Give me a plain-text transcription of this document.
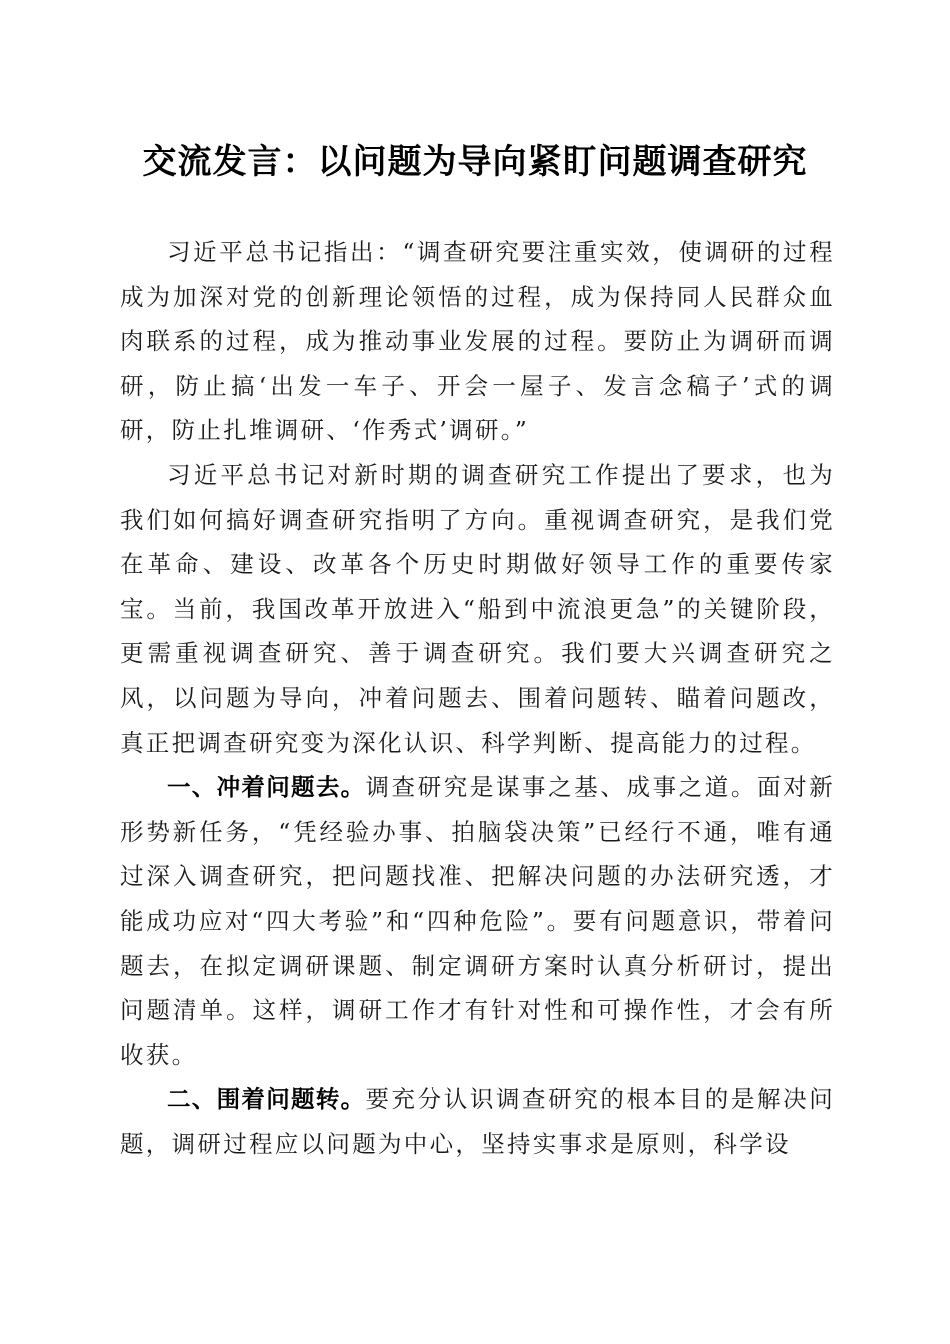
交流发言：以问题为导向紧盯问题调查研究

习近平总书记指出：“调查研究要注重实效，使调研的过程成为加深对党的创新理论领悟的过程，成为保持同人民群众血肉联系的过程，成为推动事业发展的过程。要防止为调研而调研，防止搞‘出发一车子、开会一屋子、发言念稿子’式的调研，防止扎堆调研、‘作秀式’调研。”

习近平总书记对新时期的调查研究工作提出了要求，也为我们如何搞好调查研究指明了方向。重视调查研究，是我们党在革命、建设、改革各个历史时期做好领导工作的重要传家宝。当前，我国改革开放进入“船到中流浪更急”的关键阶段，更需重视调查研究、善于调查研究。我们要大兴调查研究之风，以问题为导向，冲着问题去、围着问题转、瞄着问题改，真正把调查研究变为深化认识、科学判断、提高能力的过程。

一、冲着问题去。调查研究是谋事之基、成事之道。面对新形势新任务，“凭经验办事、拍脑袋决策”已经行不通，唯有通过深入调查研究，把问题找准、把解决问题的办法研究透，才能成功应对“四大考验”和“四种危险”。要有问题意识，带着问题去，在拟定调研课题、制定调研方案时认真分析研讨，提出问题清单。这样，调研工作才有针对性和可操作性，才会有所收获。

二、围着问题转。要充分认识调查研究的根本目的是解决问题，调研过程应以问题为中心，坚持实事求是原则，科学设
